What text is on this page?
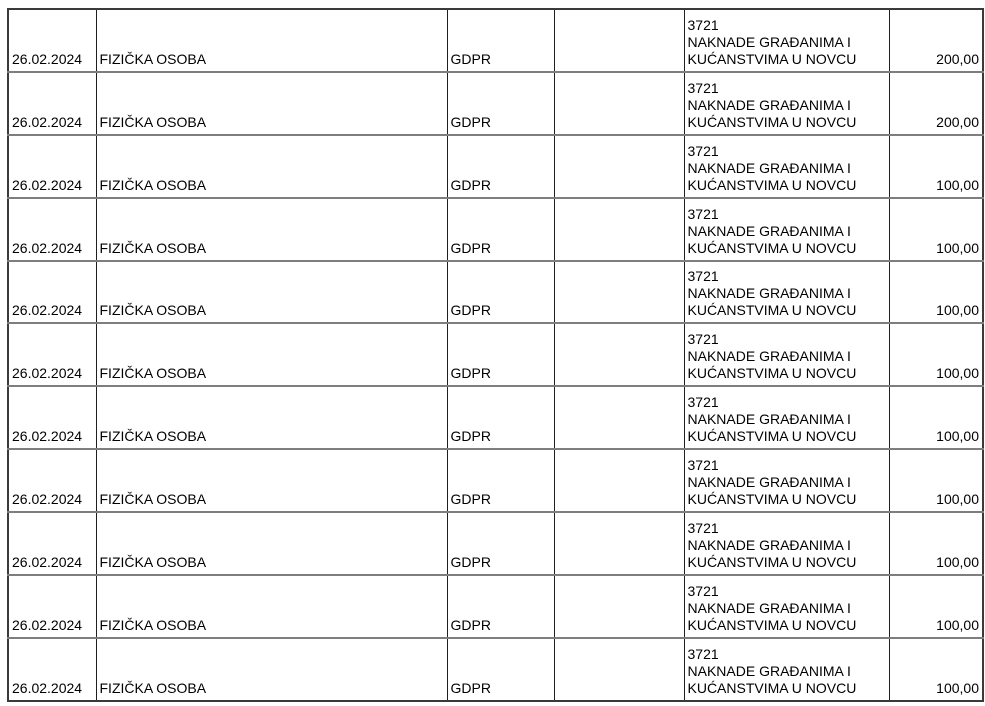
26.02.2024	FIZIČKA OSOBA	GDPR		3721
NAKNADE GRAĐANIMA I
KUĆANSTVIMA U NOVCU	200,00
26.02.2024	FIZIČKA OSOBA	GDPR		3721
NAKNADE GRAĐANIMA I
KUĆANSTVIMA U NOVCU	200,00
26.02.2024	FIZIČKA OSOBA	GDPR		3721
NAKNADE GRAĐANIMA I
KUĆANSTVIMA U NOVCU	100,00
26.02.2024	FIZIČKA OSOBA	GDPR		3721
NAKNADE GRAĐANIMA I
KUĆANSTVIMA U NOVCU	100,00
26.02.2024	FIZIČKA OSOBA	GDPR		3721
NAKNADE GRAĐANIMA I
KUĆANSTVIMA U NOVCU	100,00
26.02.2024	FIZIČKA OSOBA	GDPR		3721
NAKNADE GRAĐANIMA I
KUĆANSTVIMA U NOVCU	100,00
26.02.2024	FIZIČKA OSOBA	GDPR		3721
NAKNADE GRAĐANIMA I
KUĆANSTVIMA U NOVCU	100,00
26.02.2024	FIZIČKA OSOBA	GDPR		3721
NAKNADE GRAĐANIMA I
KUĆANSTVIMA U NOVCU	100,00
26.02.2024	FIZIČKA OSOBA	GDPR		3721
NAKNADE GRAĐANIMA I
KUĆANSTVIMA U NOVCU	100,00
26.02.2024	FIZIČKA OSOBA	GDPR		3721
NAKNADE GRAĐANIMA I
KUĆANSTVIMA U NOVCU	100,00
26.02.2024	FIZIČKA OSOBA	GDPR		3721
NAKNADE GRAĐANIMA I
KUĆANSTVIMA U NOVCU	100,00
